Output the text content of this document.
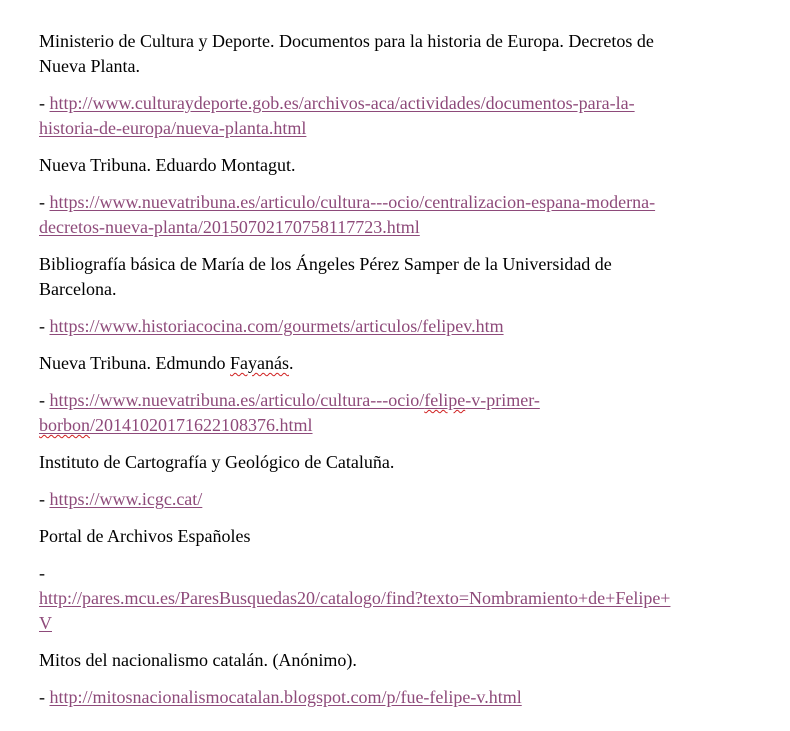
Ministerio de Cultura y Deporte. Documentos para la historia de Europa. Decretos de

Nueva Planta.

- http://www.culturaydeporte.gob.es/archivos-aca/actividades/documentos-para-la-

historia-de-europa/nueva-planta.html

Nueva Tribuna. Eduardo Montagut.

- https://www.nuevatribuna.es/articulo/cultura---ocio/centralizacion-espana-moderna-

decretos-nueva-planta/20150702170758117723.html

Bibliografía básica de María de los Ángeles Pérez Samper de la Universidad de

Barcelona.

- https://www.historiacocina.com/gourmets/articulos/felipev.htm

Nueva Tribuna. Edmundo Fayanás.

- https://www.nuevatribuna.es/articulo/cultura---ocio/felipe-v-primer-

borbon/20141020171622108376.html

Instituto de Cartografía y Geológico de Cataluña.

- https://www.icgc.cat/

Portal de Archivos Españoles

-

http://pares.mcu.es/ParesBusquedas20/catalogo/find?texto=Nombramiento+de+Felipe+

V

Mitos del nacionalismo catalán. (Anónimo).

- http://mitosnacionalismocatalan.blogspot.com/p/fue-felipe-v.html
